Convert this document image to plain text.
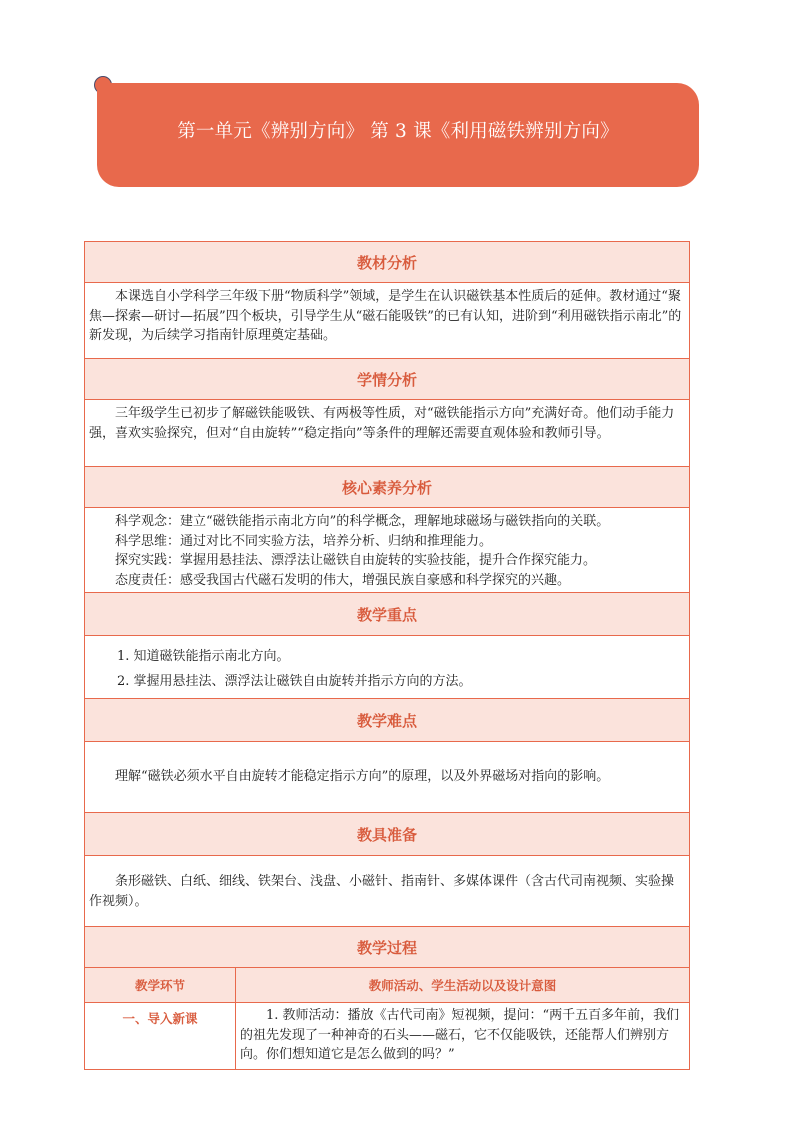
第一单元《辨别方向》 第 3 课《利用磁铁辨别方向》
教材分析	

本课选自小学科学三年级下册“物质科学”领域，是学生在认识磁铁基本性质后的延伸。教材通过“聚焦—探索—研讨—拓展”四个板块，引导学生从“磁石能吸铁”的已有认知，进阶到“利用磁铁指示南北”的新发现，为后续学习指南针原理奠定基础。	

学情分析	

三年级学生已初步了解磁铁能吸铁、有两极等性质，对“磁铁能指示方向”充满好奇。他们动手能力强，喜欢实验探究，但对“自由旋转”“稳定指向”等条件的理解还需要直观体验和教师引导。	

核心素养分析	

科学观念：建立“磁铁能指示南北方向”的科学概念，理解地球磁场与磁铁指向的关联。
科学思维：通过对比不同实验方法，培养分析、归纳和推理能力。
探究实践：掌握用悬挂法、漂浮法让磁铁自由旋转的实验技能，提升合作探究能力。
态度责任：感受我国古代磁石发明的伟大，增强民族自豪感和科学探究的兴趣。	

教学重点	

1. 知道磁铁能指示南北方向。
2. 掌握用悬挂法、漂浮法让磁铁自由旋转并指示方向的方法。	

教学难点	

理解“磁铁必须水平自由旋转才能稳定指示方向”的原理，以及外界磁场对指向的影响。	

教具准备	

条形磁铁、白纸、细线、铁架台、浅盘、小磁针、指南针、多媒体课件（含古代司南视频、实验操作视频）。	

教学过程	
教学环节	教师活动、学生活动以及设计意图
一、导入新课	1. 教师活动：播放《古代司南》短视频，提问：“两千五百多年前，我们的祖先发现了一种神奇的石头——磁石，它不仅能吸铁，还能帮人们辨别方向。你们想知道它是怎么做到的吗？”
